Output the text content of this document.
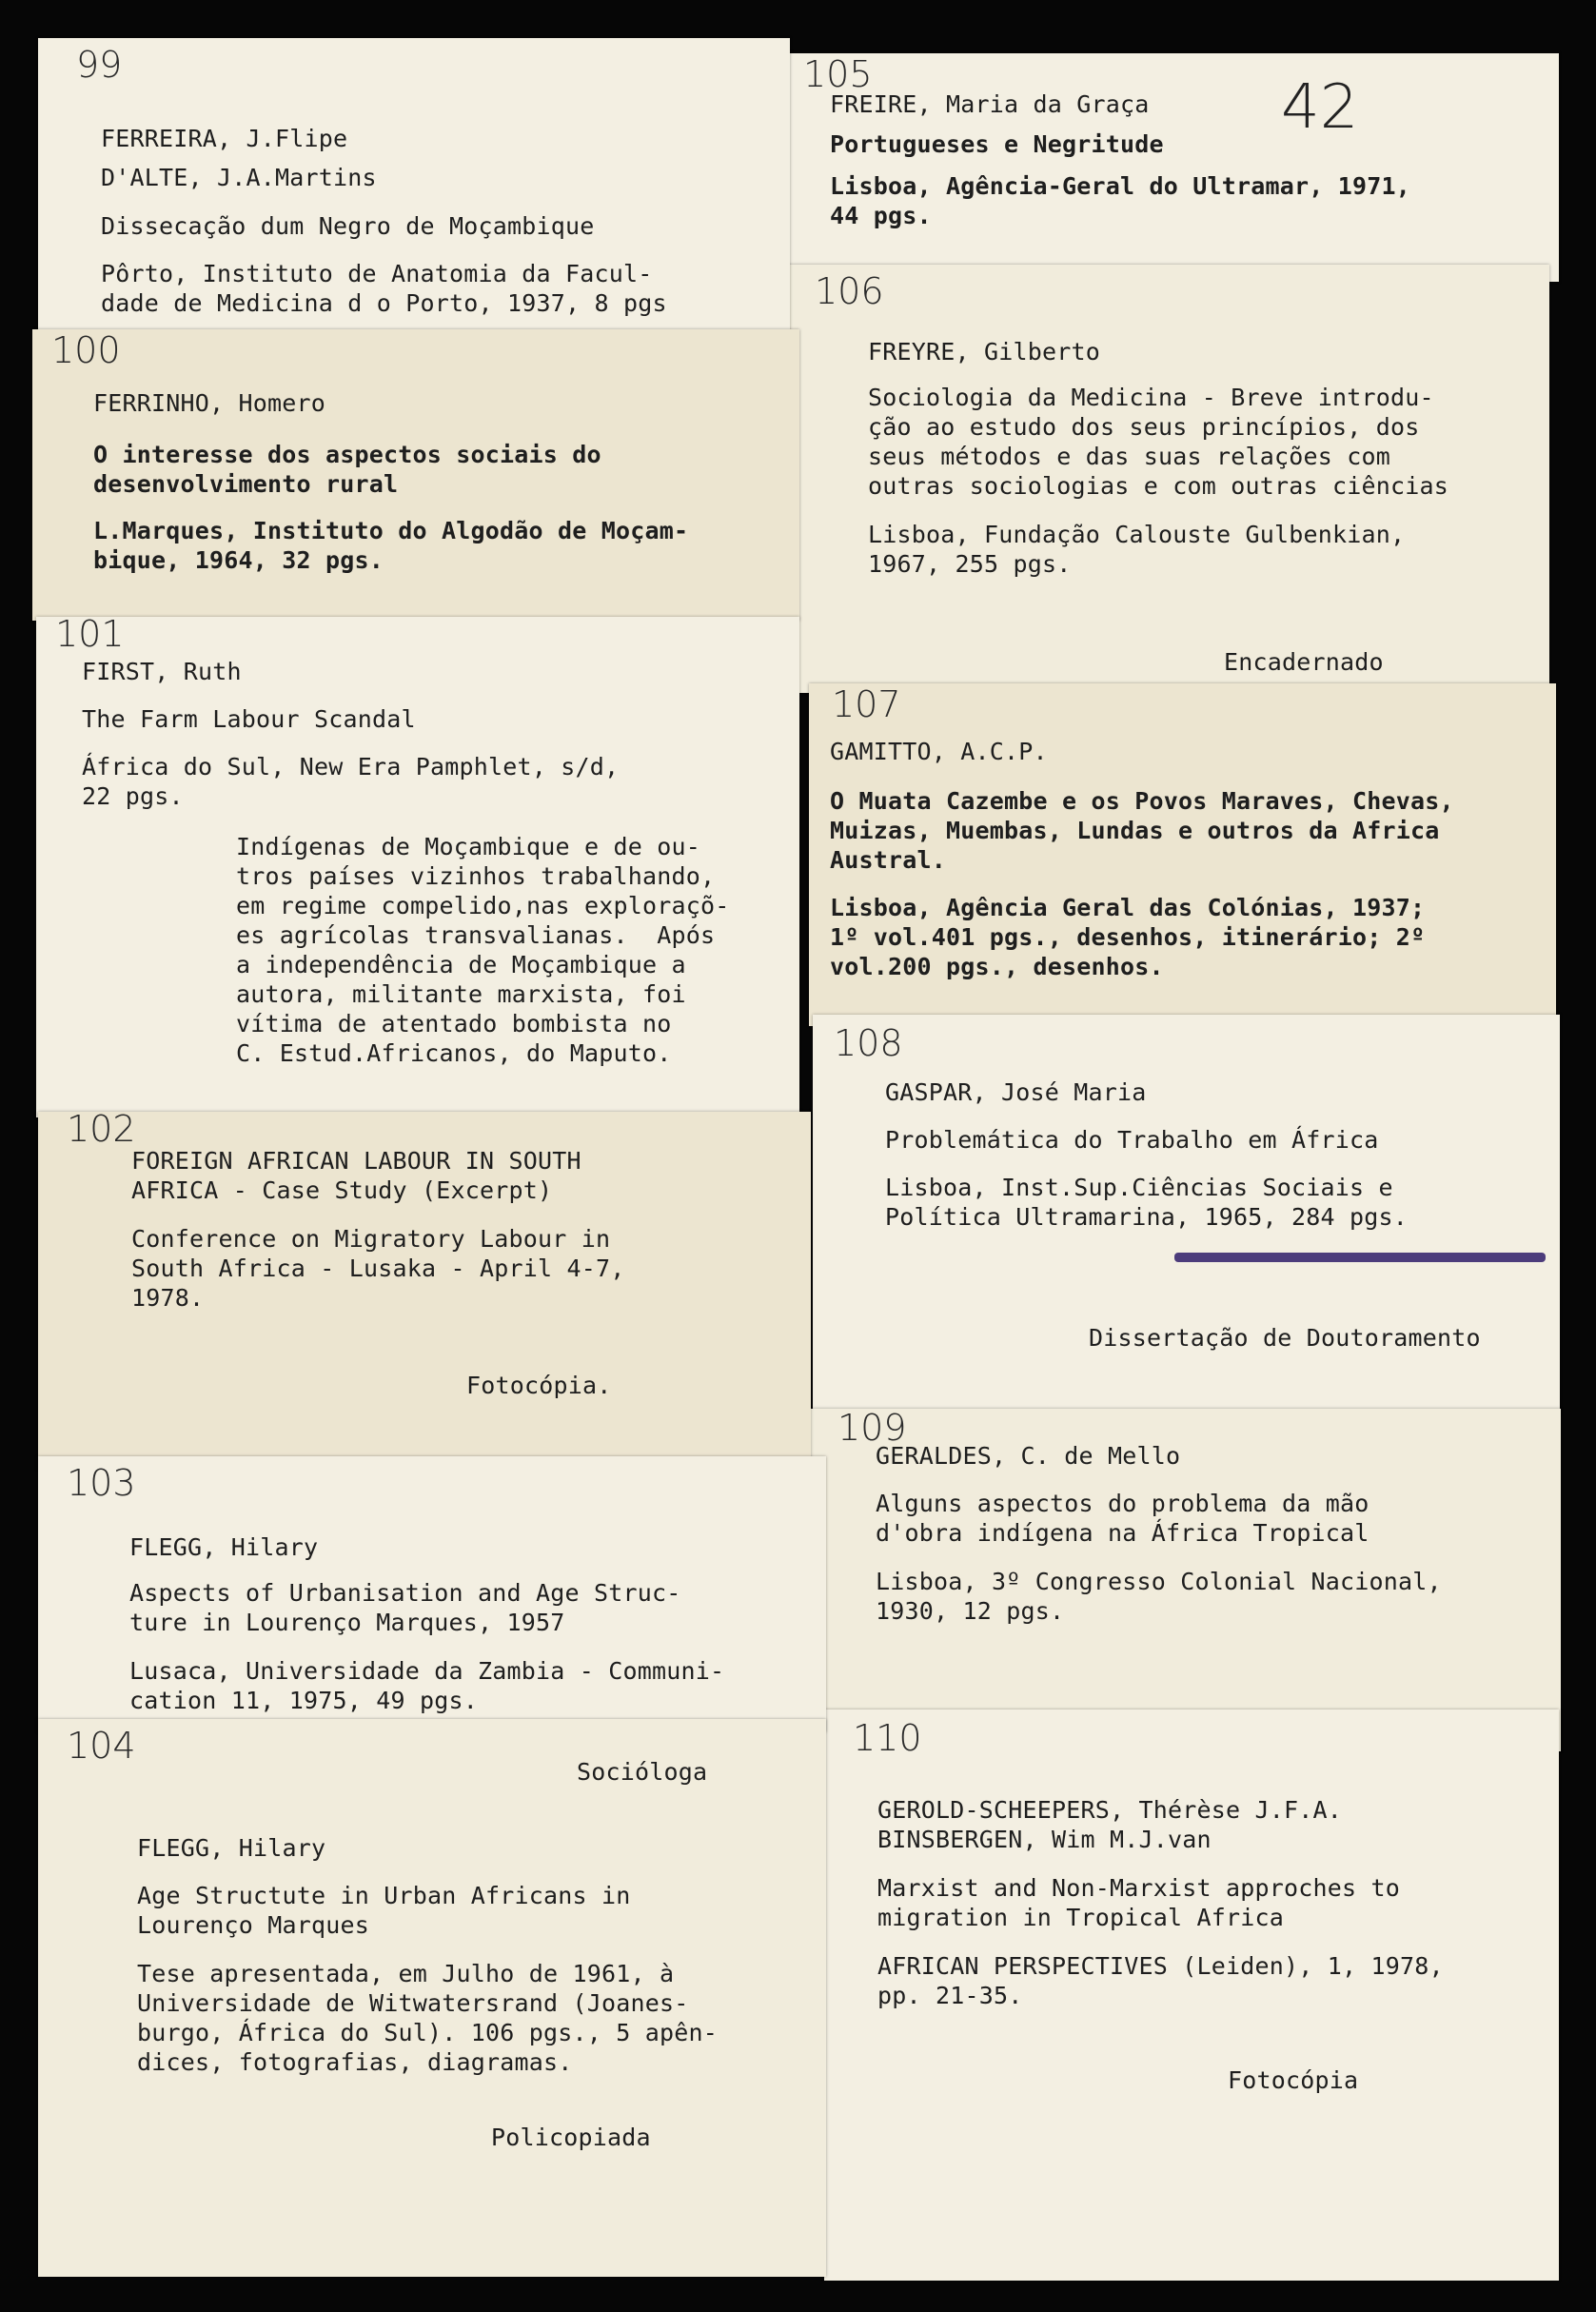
105	42
FREIRE, Maria da Graça
Portugueses e Negritude
Lisboa, Agência-Geral do Ultramar, 1971,
44 pgs.
106
FREYRE, Gilberto
Sociologia da Medicina - Breve introdu-
ção ao estudo dos seus princípios, dos
seus métodos e das suas relações com
outras sociologias e com outras ciências
Lisboa, Fundação Calouste Gulbenkian,
1967, 255 pgs.
Encadernado
107
GAMITTO, A.C.P.
O Muata Cazembe e os Povos Maraves, Chevas,
Muizas, Muembas, Lundas e outros da Africa
Austral.
Lisboa, Agência Geral das Colónias, 1937;
1º vol.401 pgs., desenhos, itinerário; 2º
vol.200 pgs., desenhos.
108
GASPAR, José Maria
Problemática do Trabalho em África
Lisboa, Inst.Sup.Ciências Sociais e
Política Ultramarina, 1965, 284 pgs.
Dissertação de Doutoramento
109
GERALDES, C. de Mello
Alguns aspectos do problema da mão
d'obra indígena na África Tropical
Lisboa, 3º Congresso Colonial Nacional,
1930, 12 pgs.
110
GEROLD-SCHEEPERS, Thérèse J.F.A.
BINSBERGEN, Wim M.J.van
Marxist and Non-Marxist approches to
migration in Tropical Africa
AFRICAN PERSPECTIVES (Leiden), 1, 1978,
pp. 21-35.
Fotocópia
99
FERREIRA, J.Flipe
D'ALTE, J.A.Martins
Dissecação dum Negro de Moçambique
Pôrto, Instituto de Anatomia da Facul-
dade de Medicina d o Porto, 1937, 8 pgs
100
FERRINHO, Homero
O interesse dos aspectos sociais do
desenvolvimento rural
L.Marques, Instituto do Algodão de Moçam-
bique, 1964, 32 pgs.
101
FIRST, Ruth
The Farm Labour Scandal
África do Sul, New Era Pamphlet, s/d,
22 pgs.
Indígenas de Moçambique e de ou-
tros países vizinhos trabalhando,
em regime compelido,nas exploraçõ-
es agrícolas transvalianas.  Após
a independência de Moçambique a
autora, militante marxista, foi
vítima de atentado bombista no
C. Estud.Africanos, do Maputo.
102
FOREIGN AFRICAN LABOUR IN SOUTH
AFRICA - Case Study (Excerpt)
Conference on Migratory Labour in
South Africa - Lusaka - April 4-7,
1978.
Fotocópia.
103
FLEGG, Hilary
Aspects of Urbanisation and Age Struc-
ture in Lourenço Marques, 1957
Lusaca, Universidade da Zambia - Communi-
cation 11, 1975, 49 pgs.
104
Socióloga
FLEGG, Hilary
Age Structute in Urban Africans in
Lourenço Marques
Tese apresentada, em Julho de 1961, à
Universidade de Witwatersrand (Joanes-
burgo, África do Sul). 106 pgs., 5 apên-
dices, fotografias, diagramas.
Policopiada
